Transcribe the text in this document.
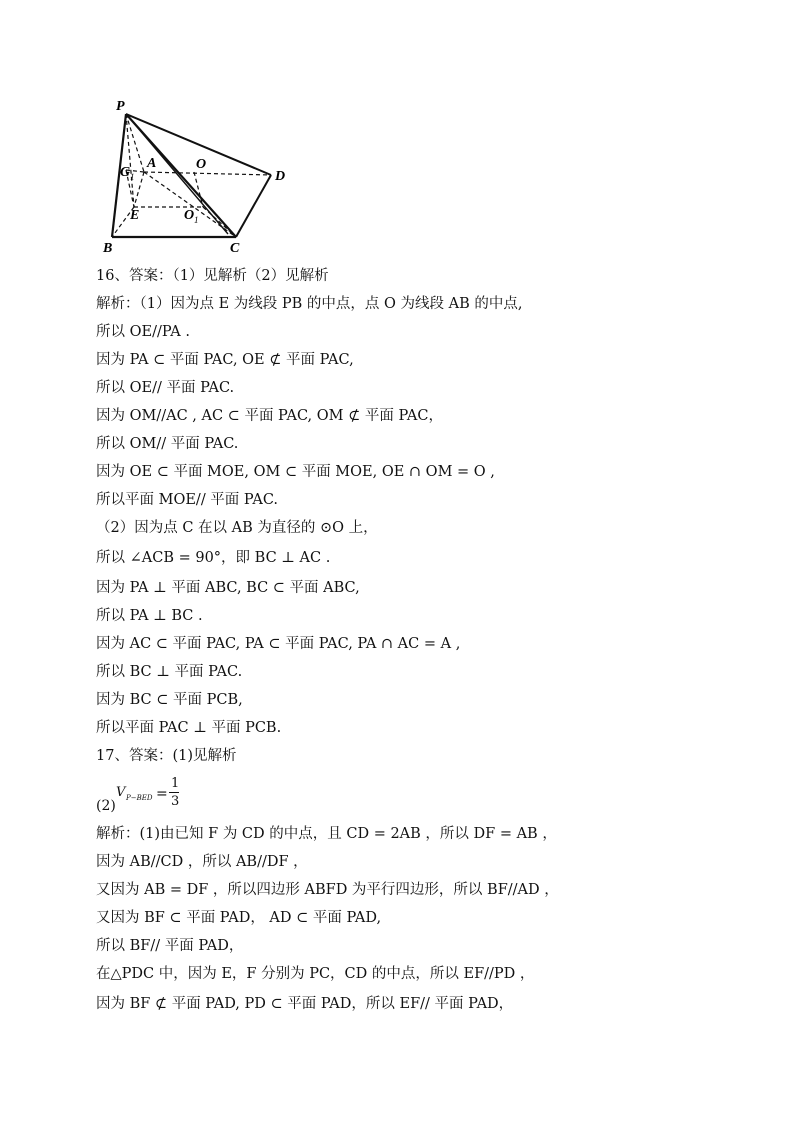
P
A
G 1
O
D
E	O 1
B	C
16、答案：（1）见解析（2）见解析
解析：（1）因为点 E 为线段 PB 的中点，点 O 为线段 AB 的中点,
所以 OE//PA .
因为 PA ⊂ 平面 PAC, OE ⊄ 平面 PAC,
所以 OE// 平面 PAC.
因为 OM//AC , AC ⊂ 平面 PAC, OM ⊄ 平面 PAC，
所以 OM// 平面 PAC.
因为 OE ⊂ 平面 MOE, OM ⊂ 平面 MOE, OE ∩ OM = O ,
所以平面 MOE// 平面 PAC.
（2）因为点 C 在以 AB 为直径的 ⊙O 上，
所以 ∠ACB = 90°，即 BC ⊥ AC .
因为 PA ⊥ 平面 ABC, BC ⊂ 平面 ABC,
所以 PA ⊥ BC .
因为 AC ⊂ 平面 PAC, PA ⊂ 平面 PAC, PA ∩ AC = A ,
所以 BC ⊥ 平面 PAC.
因为 BC ⊂ 平面 PCB,
所以平面 PAC ⊥ 平面 PCB.
17、答案：(1)见解析
(2)
V P−BED =
1
3
解析：(1)由已知 F 为 CD 的中点，且 CD = 2AB ，所以 DF = AB ，
因为 AB//CD ，所以 AB//DF ，
又因为 AB = DF ，所以四边形 ABFD 为平行四边形，所以 BF//AD ，
又因为 BF ⊂ 平面 PAD， AD ⊂ 平面 PAD,
所以 BF// 平面 PAD，
在△PDC 中，因为 E，F 分别为 PC，CD 的中点，所以 EF//PD ，
因为 BF ⊄ 平面 PAD, PD ⊂ 平面 PAD，所以 EF// 平面 PAD，
